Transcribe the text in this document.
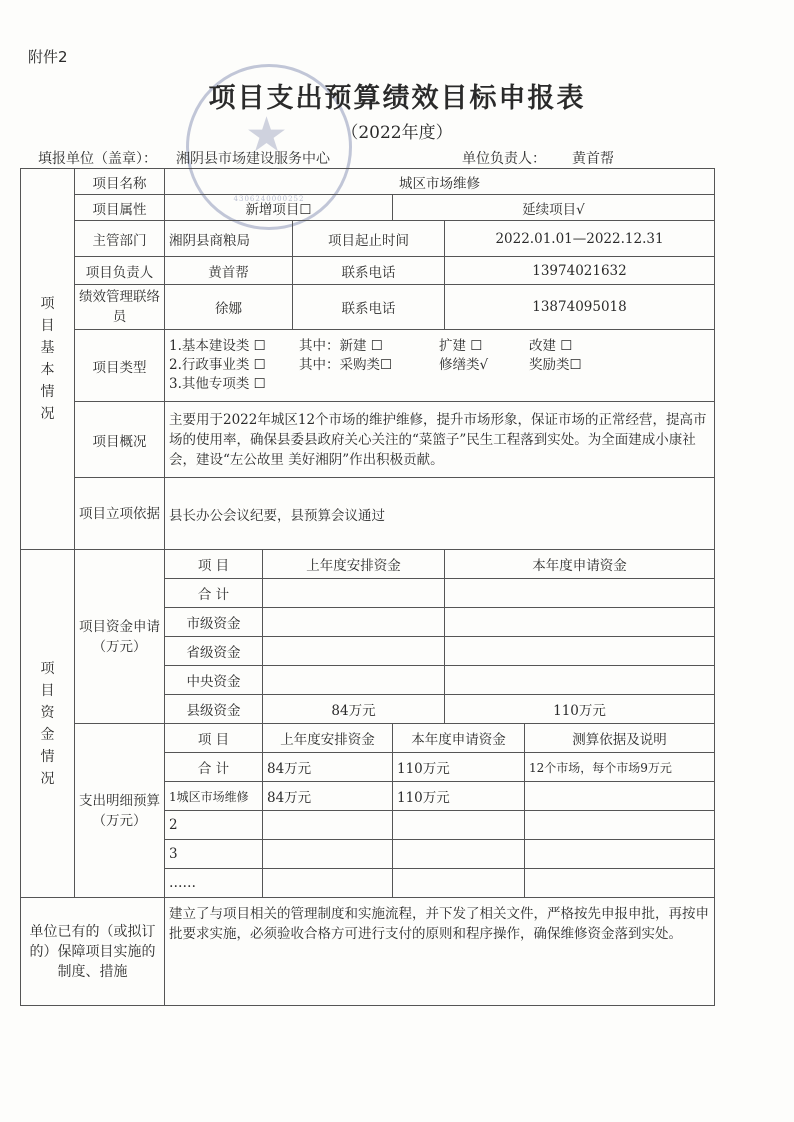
附件2
★
4306240000252
项目支出预算绩效目标申报表
（2022年度）
填报单位（盖章）： 湘阴县市场建设服务中心	单位负责人： 黄首帮
项目基本情况	项目名称	城区市场维修					
	项目属性	新增项目☐			延续项目√		
	主管部门	湘阴县商粮局		项目起止时间		2022.01.01—2022.12.31	
	项目负责人	黄首帮		联系电话		13974021632	
	绩效管理联络员	徐娜		联系电话		13874095018	
	项目类型	1.基本建设类 ☐ 其中：新建 ☐ 扩建 ☐ 改建 ☐
2.行政事业类 ☐ 其中：采购类☐ 修缮类√ 奖励类☐
3.其他专项类 ☐					

	项目概况	主要用于2022年城区12个市场的维护维修，提升市场形象，保证市场的正常经营，提高市场的使用率，确保县委县政府关心关注的“菜篮子”民生工程落到实处。为全面建成小康社会，建设“左公故里 美好湘阴”作出积极贡献。					
	项目立项依据	县长办公会议纪要，县预算会议通过					

项目资金情况	项目资金申请（万元）	项 目	上年度安排资金			本年度申请资金	
		合 计					
		市级资金					
		省级资金					
		中央资金					
		县级资金	84万元			110万元	
	支出明细预算（万元）	项 目	上年度安排资金		本年度申请资金		测算依据及说明
		合 计	84万元		110万元		12个市场，每个市场9万元
		1城区市场维修	84万元		110万元		
		2					
		3					
		……					
单位已有的（或拟订的）保障项目实施的制度、措施		建立了与项目相关的管理制度和实施流程，并下发了相关文件，严格按先申报申批，再按申批要求实施，必须验收合格方可进行支付的原则和程序操作，确保维修资金落到实处。					
